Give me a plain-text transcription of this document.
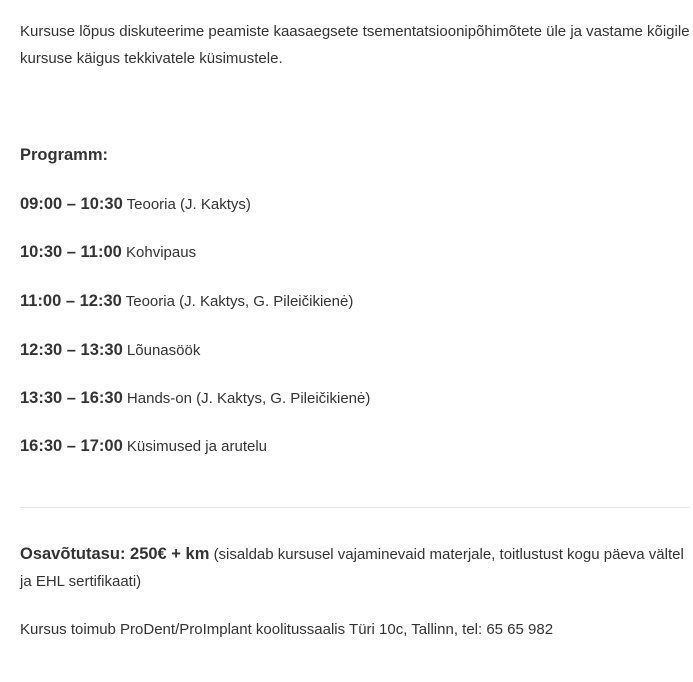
Kursuse lõpus diskuteerime peamiste kaasaegsete tsementatsioonipõhimõtete üle ja vastame kõigile kursuse käigus tekkivatele küsimustele.

Programm:

09:00 – 10:30 Teooria (J. Kaktys)

10:30 – 11:00 Kohvipaus

11:00 – 12:30 Teooria (J. Kaktys, G. Pileičikienė)

12:30 – 13:30 Lõunasöök

13:30 – 16:30 Hands-on (J. Kaktys, G. Pileičikienė)

16:30 – 17:00 Küsimused ja arutelu

Osavõtutasu: 250€ + km (sisaldab kursusel vajaminevaid materjale, toitlustust kogu päeva vältel ja EHL sertifikaati)

Kursus toimub ProDent/ProImplant koolitussaalis Türi 10c, Tallinn, tel: 65 65 982
